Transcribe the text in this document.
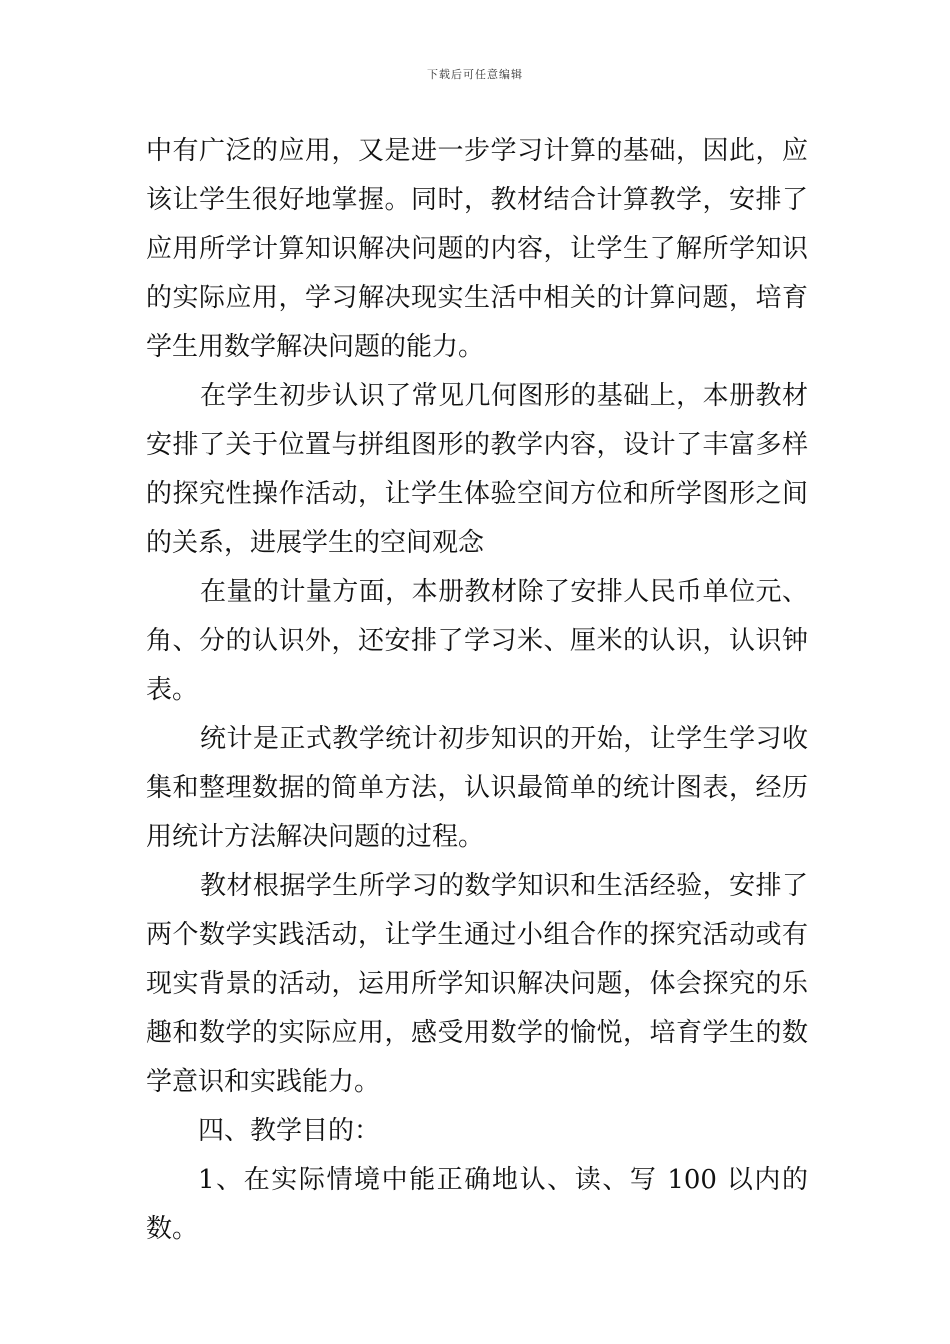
下载后可任意编辑

中有广泛的应用，又是进一步学习计算的基础，因此，应该让学生很好地掌握。同时，教材结合计算教学，安排了应用所学计算知识解决问题的内容，让学生了解所学知识的实际应用，学习解决现实生活中相关的计算问题，培育学生用数学解决问题的能力。

在学生初步认识了常见几何图形的基础上，本册教材安排了关于位置与拼组图形的教学内容，设计了丰富多样的探究性操作活动，让学生体验空间方位和所学图形之间的关系，进展学生的空间观念

在量的计量方面，本册教材除了安排人民币单位元、角、分的认识外，还安排了学习米、厘米的认识，认识钟表。

统计是正式教学统计初步知识的开始，让学生学习收集和整理数据的简单方法，认识最简单的统计图表，经历用统计方法解决问题的过程。

教材根据学生所学习的数学知识和生活经验，安排了两个数学实践活动，让学生通过小组合作的探究活动或有现实背景的活动，运用所学知识解决问题，体会探究的乐趣和数学的实际应用，感受用数学的愉悦，培育学生的数学意识和实践能力。

四、教学目的：

1、在实际情境中能正确地认、读、写 100 以内的数。
